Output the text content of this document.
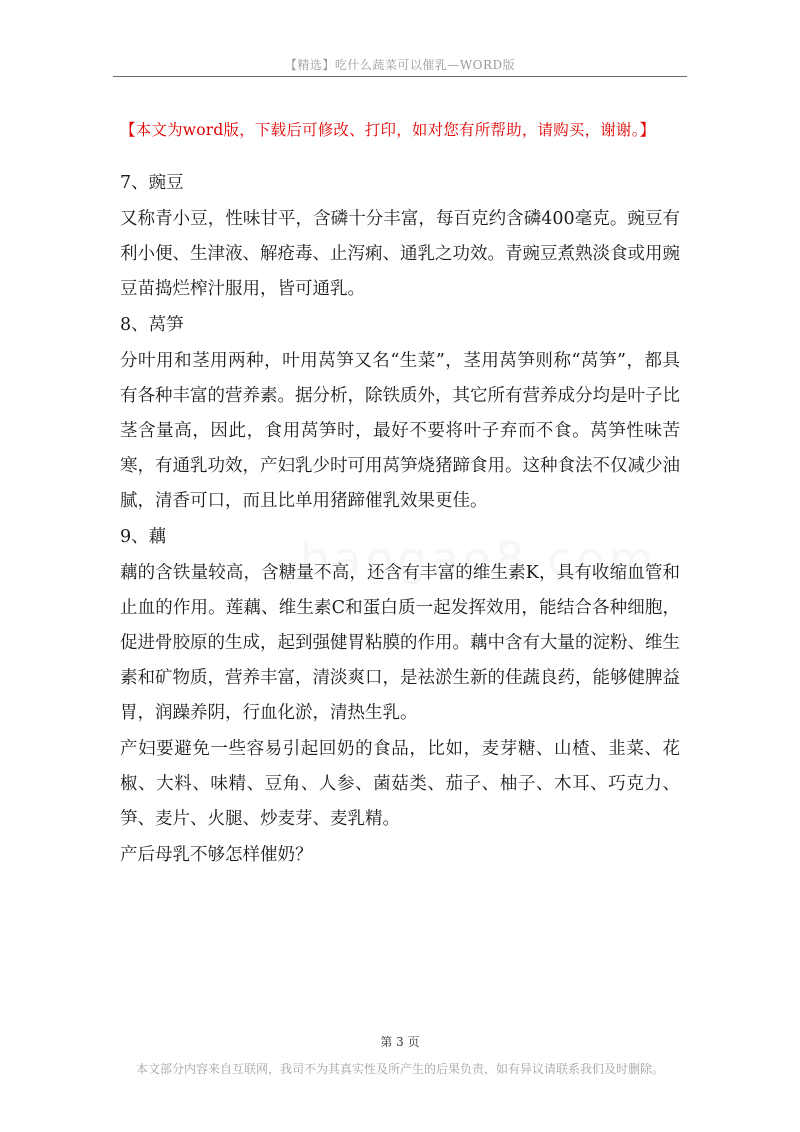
【精选】吃什么蔬菜可以催乳—WORD版
【本文为word版，下载后可修改、打印，如对您有所帮助，请购买，谢谢。】

7、豌豆

又称青小豆，性味甘平，含磷十分丰富，每百克约含磷400毫克。豌豆有利小便、生津液、解疮毒、止泻痢、通乳之功效。青豌豆煮熟淡食或用豌豆苗捣烂榨汁服用，皆可通乳。

8、莴笋

分叶用和茎用两种，叶用莴笋又名“生菜”，茎用莴笋则称“莴笋”，都具有各种丰富的营养素。据分析，除铁质外，其它所有营养成分均是叶子比茎含量高，因此，食用莴笋时，最好不要将叶子弃而不食。莴笋性味苦寒，有通乳功效，产妇乳少时可用莴笋烧猪蹄食用。这种食法不仅减少油腻，清香可口，而且比单用猪蹄催乳效果更佳。

9、藕

藕的含铁量较高，含糖量不高，还含有丰富的维生素K，具有收缩血管和止血的作用。莲藕、维生素C和蛋白质一起发挥效用，能结合各种细胞，促进骨胶原的生成，起到强健胃粘膜的作用。藕中含有大量的淀粉、维生素和矿物质，营养丰富，清淡爽口，是祛淤生新的佳蔬良药，能够健脾益胃，润躁养阴，行血化淤，清热生乳。

产妇要避免一些容易引起回奶的食品，比如，麦芽糖、山楂、韭菜、花椒、大料、味精、豆角、人参、菌菇类、茄子、柚子、木耳、巧克力、笋、麦片、火腿、炒麦芽、麦乳精。

产后母乳不够怎样催奶？

第 3 页
本文部分内容来自互联网，我司不为其真实性及所产生的后果负责，如有异议请联系我们及时删除。
